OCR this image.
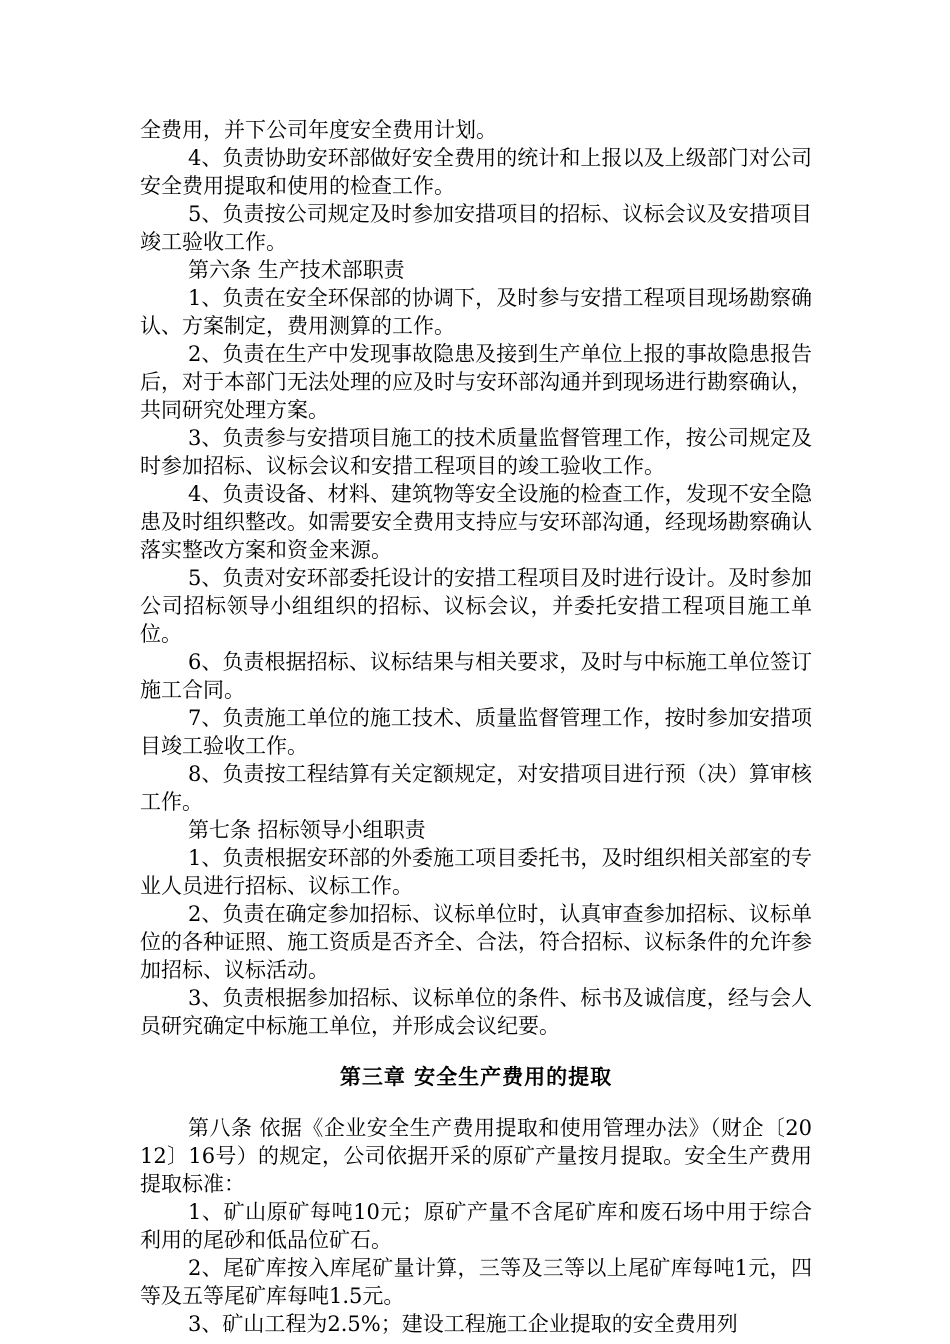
全费用，并下公司年度安全费用计划。

4、负责协助安环部做好安全费用的统计和上报以及上级部门对公司安全费用提取和使用的检查工作。

5、负责按公司规定及时参加安措项目的招标、议标会议及安措项目竣工验收工作。

第六条 生产技术部职责

1、负责在安全环保部的协调下，及时参与安措工程项目现场勘察确认、方案制定，费用测算的工作。

2、负责在生产中发现事故隐患及接到生产单位上报的事故隐患报告后，对于本部门无法处理的应及时与安环部沟通并到现场进行勘察确认，共同研究处理方案。

3、负责参与安措项目施工的技术质量监督管理工作，按公司规定及时参加招标、议标会议和安措工程项目的竣工验收工作。

4、负责设备、材料、建筑物等安全设施的检查工作，发现不安全隐患及时组织整改。如需要安全费用支持应与安环部沟通，经现场勘察确认落实整改方案和资金来源。

5、负责对安环部委托设计的安措工程项目及时进行设计。及时参加公司招标领导小组组织的招标、议标会议，并委托安措工程项目施工单位。

6、负责根据招标、议标结果与相关要求，及时与中标施工单位签订施工合同。

7、负责施工单位的施工技术、质量监督管理工作，按时参加安措项目竣工验收工作。

8、负责按工程结算有关定额规定，对安措项目进行预（决）算审核工作。

第七条 招标领导小组职责

1、负责根据安环部的外委施工项目委托书，及时组织相关部室的专业人员进行招标、议标工作。

2、负责在确定参加招标、议标单位时，认真审查参加招标、议标单位的各种证照、施工资质是否齐全、合法，符合招标、议标条件的允许参加招标、议标活动。

3、负责根据参加招标、议标单位的条件、标书及诚信度，经与会人员研究确定中标施工单位，并形成会议纪要。

第三章 安全生产费用的提取

第八条 依据《企业安全生产费用提取和使用管理办法》（财企〔2012〕16号）的规定，公司依据开采的原矿产量按月提取。安全生产费用提取标准：

1、矿山原矿每吨10元；原矿产量不含尾矿库和废石场中用于综合利用的尾砂和低品位矿石。

2、尾矿库按入库尾矿量计算，三等及三等以上尾矿库每吨1元，四等及五等尾矿库每吨1.5元。

3、矿山工程为2.5%；建设工程施工企业提取的安全费用列
